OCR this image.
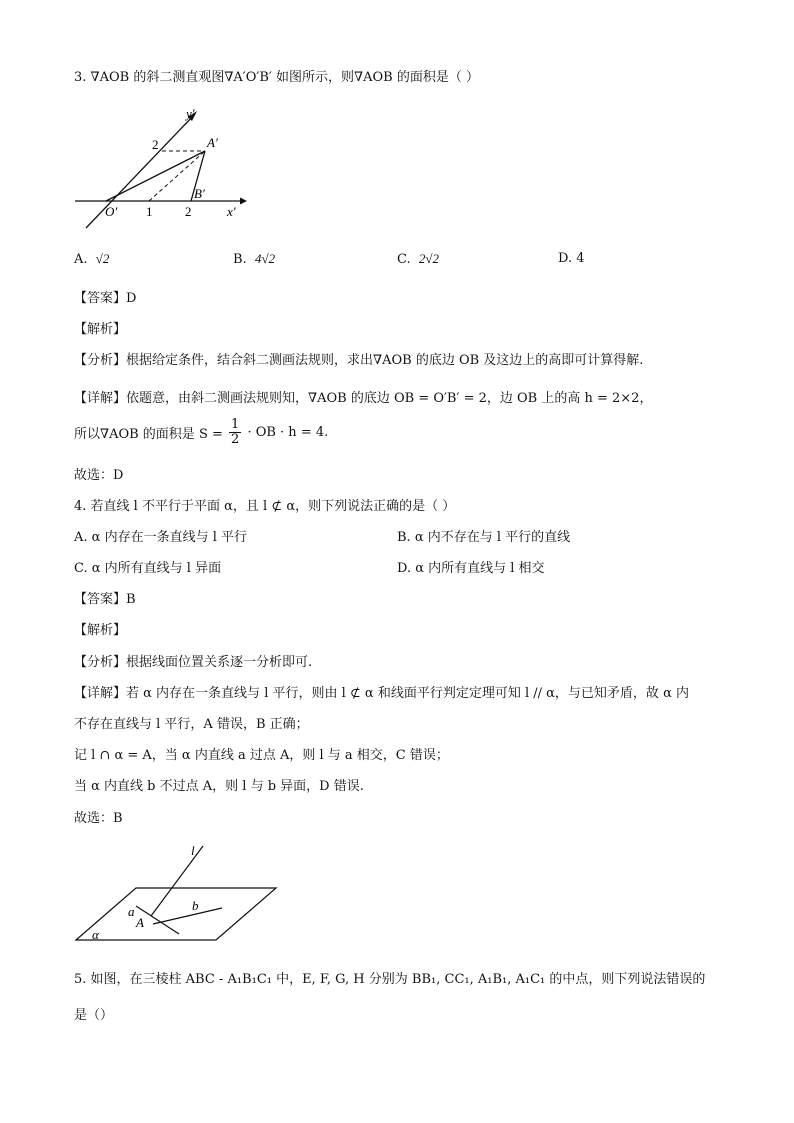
3. ∇AOB 的斜二测直观图∇A′O′B′ 如图所示，则∇AOB 的面积是（ ）
y′
A′
2
B′
O′ 1	2	x′
A. √2	B. 4√2	C. 2√2	D. 4
【答案】D
【解析】
【分析】根据给定条件，结合斜二测画法规则，求出∇AOB 的底边 OB 及这边上的高即可计算得解.
【详解】依题意，由斜二测画法规则知，∇AOB 的底边 OB = O′B′ = 2，边 OB 上的高 h = 2×2，
所以∇AOB 的面积是 $S = \frac{1}{2}$ · OB · h = 4.
故选：D
4. 若直线 l 不平行于平面 α，且 l ⊄ α，则下列说法正确的是（ ）
A. α 内存在一条直线与 l 平行	B. α 内不存在与 l 平行的直线
C. α 内所有直线与 l 异面	D. α 内所有直线与 l 相交
【答案】B
【解析】
【分析】根据线面位置关系逐一分析即可.
【详解】若 α 内存在一条直线与 l 平行，则由 l ⊄ α 和线面平行判定定理可知 l // α，与已知矛盾，故 α 内
不存在直线与 l 平行，A 错误，B 正确；
记 l ∩ α = A，当 α 内直线 a 过点 A，则 l 与 a 相交，C 错误；
当 α 内直线 b 不过点 A，则 l 与 b 异面，D 错误.
故选：B
l
a	b
A
α
5. 如图，在三棱柱 ABC - A₁B₁C₁ 中，E, F, G, H 分别为 BB₁, CC₁, A₁B₁, A₁C₁ 的中点，则下列说法错误的
是（）
